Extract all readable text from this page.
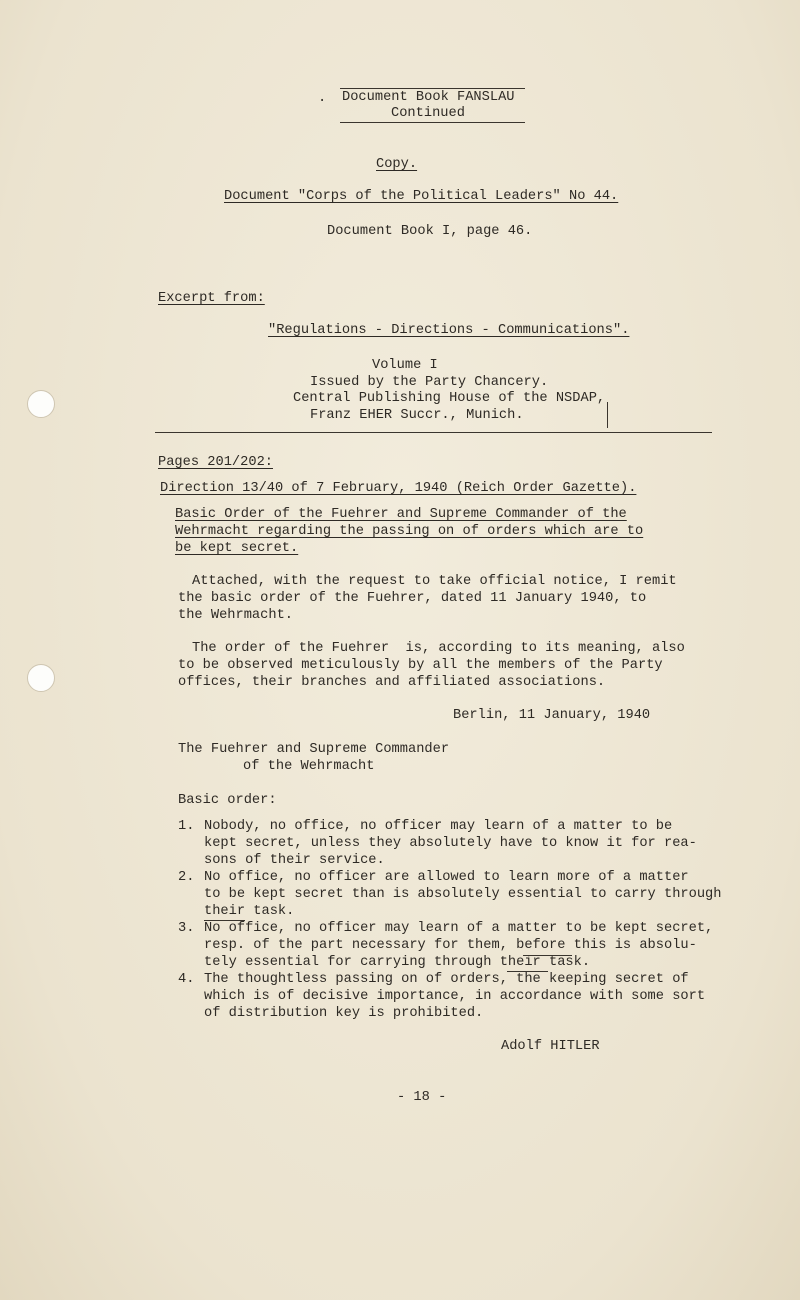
. Document Book FANSLAU
Continued
Copy.
Document "Corps of the Political Leaders" No 44.
Document Book I, page 46.
Excerpt from:
"Regulations - Directions - Communications".
Volume I
Issued by the Party Chancery.
Central Publishing House of the NSDAP,
Franz EHER Succr., Munich.
Pages 201/202:
Direction 13/40 of 7 February, 1940 (Reich Order Gazette).
Basic Order of the Fuehrer and Supreme Commander of the
Wehrmacht regarding the passing on of orders which are to
be kept secret.
Attached, with the request to take official notice, I remit
the basic order of the Fuehrer, dated 11 January 1940, to
the Wehrmacht.
The order of the Fuehrer  is, according to its meaning, also
to be observed meticulously by all the members of the Party
offices, their branches and affiliated associations.
Berlin, 11 January, 1940
The Fuehrer and Supreme Commander
of the Wehrmacht
Basic order:
1. Nobody, no office, no officer may learn of a matter to be
kept secret, unless they absolutely have to know it for rea-
sons of their service.
2. No office, no officer are allowed to learn more of a matter
to be kept secret than is absolutely essential to carry through
their task.
3. No office, no officer may learn of a matter to be kept secret,
resp. of the part necessary for them, before this is absolu-
tely essential for carrying through their task.
4. The thoughtless passing on of orders, the keeping secret of
which is of decisive importance, in accordance with some sort
of distribution key is prohibited.
Adolf HITLER
- 18 -
